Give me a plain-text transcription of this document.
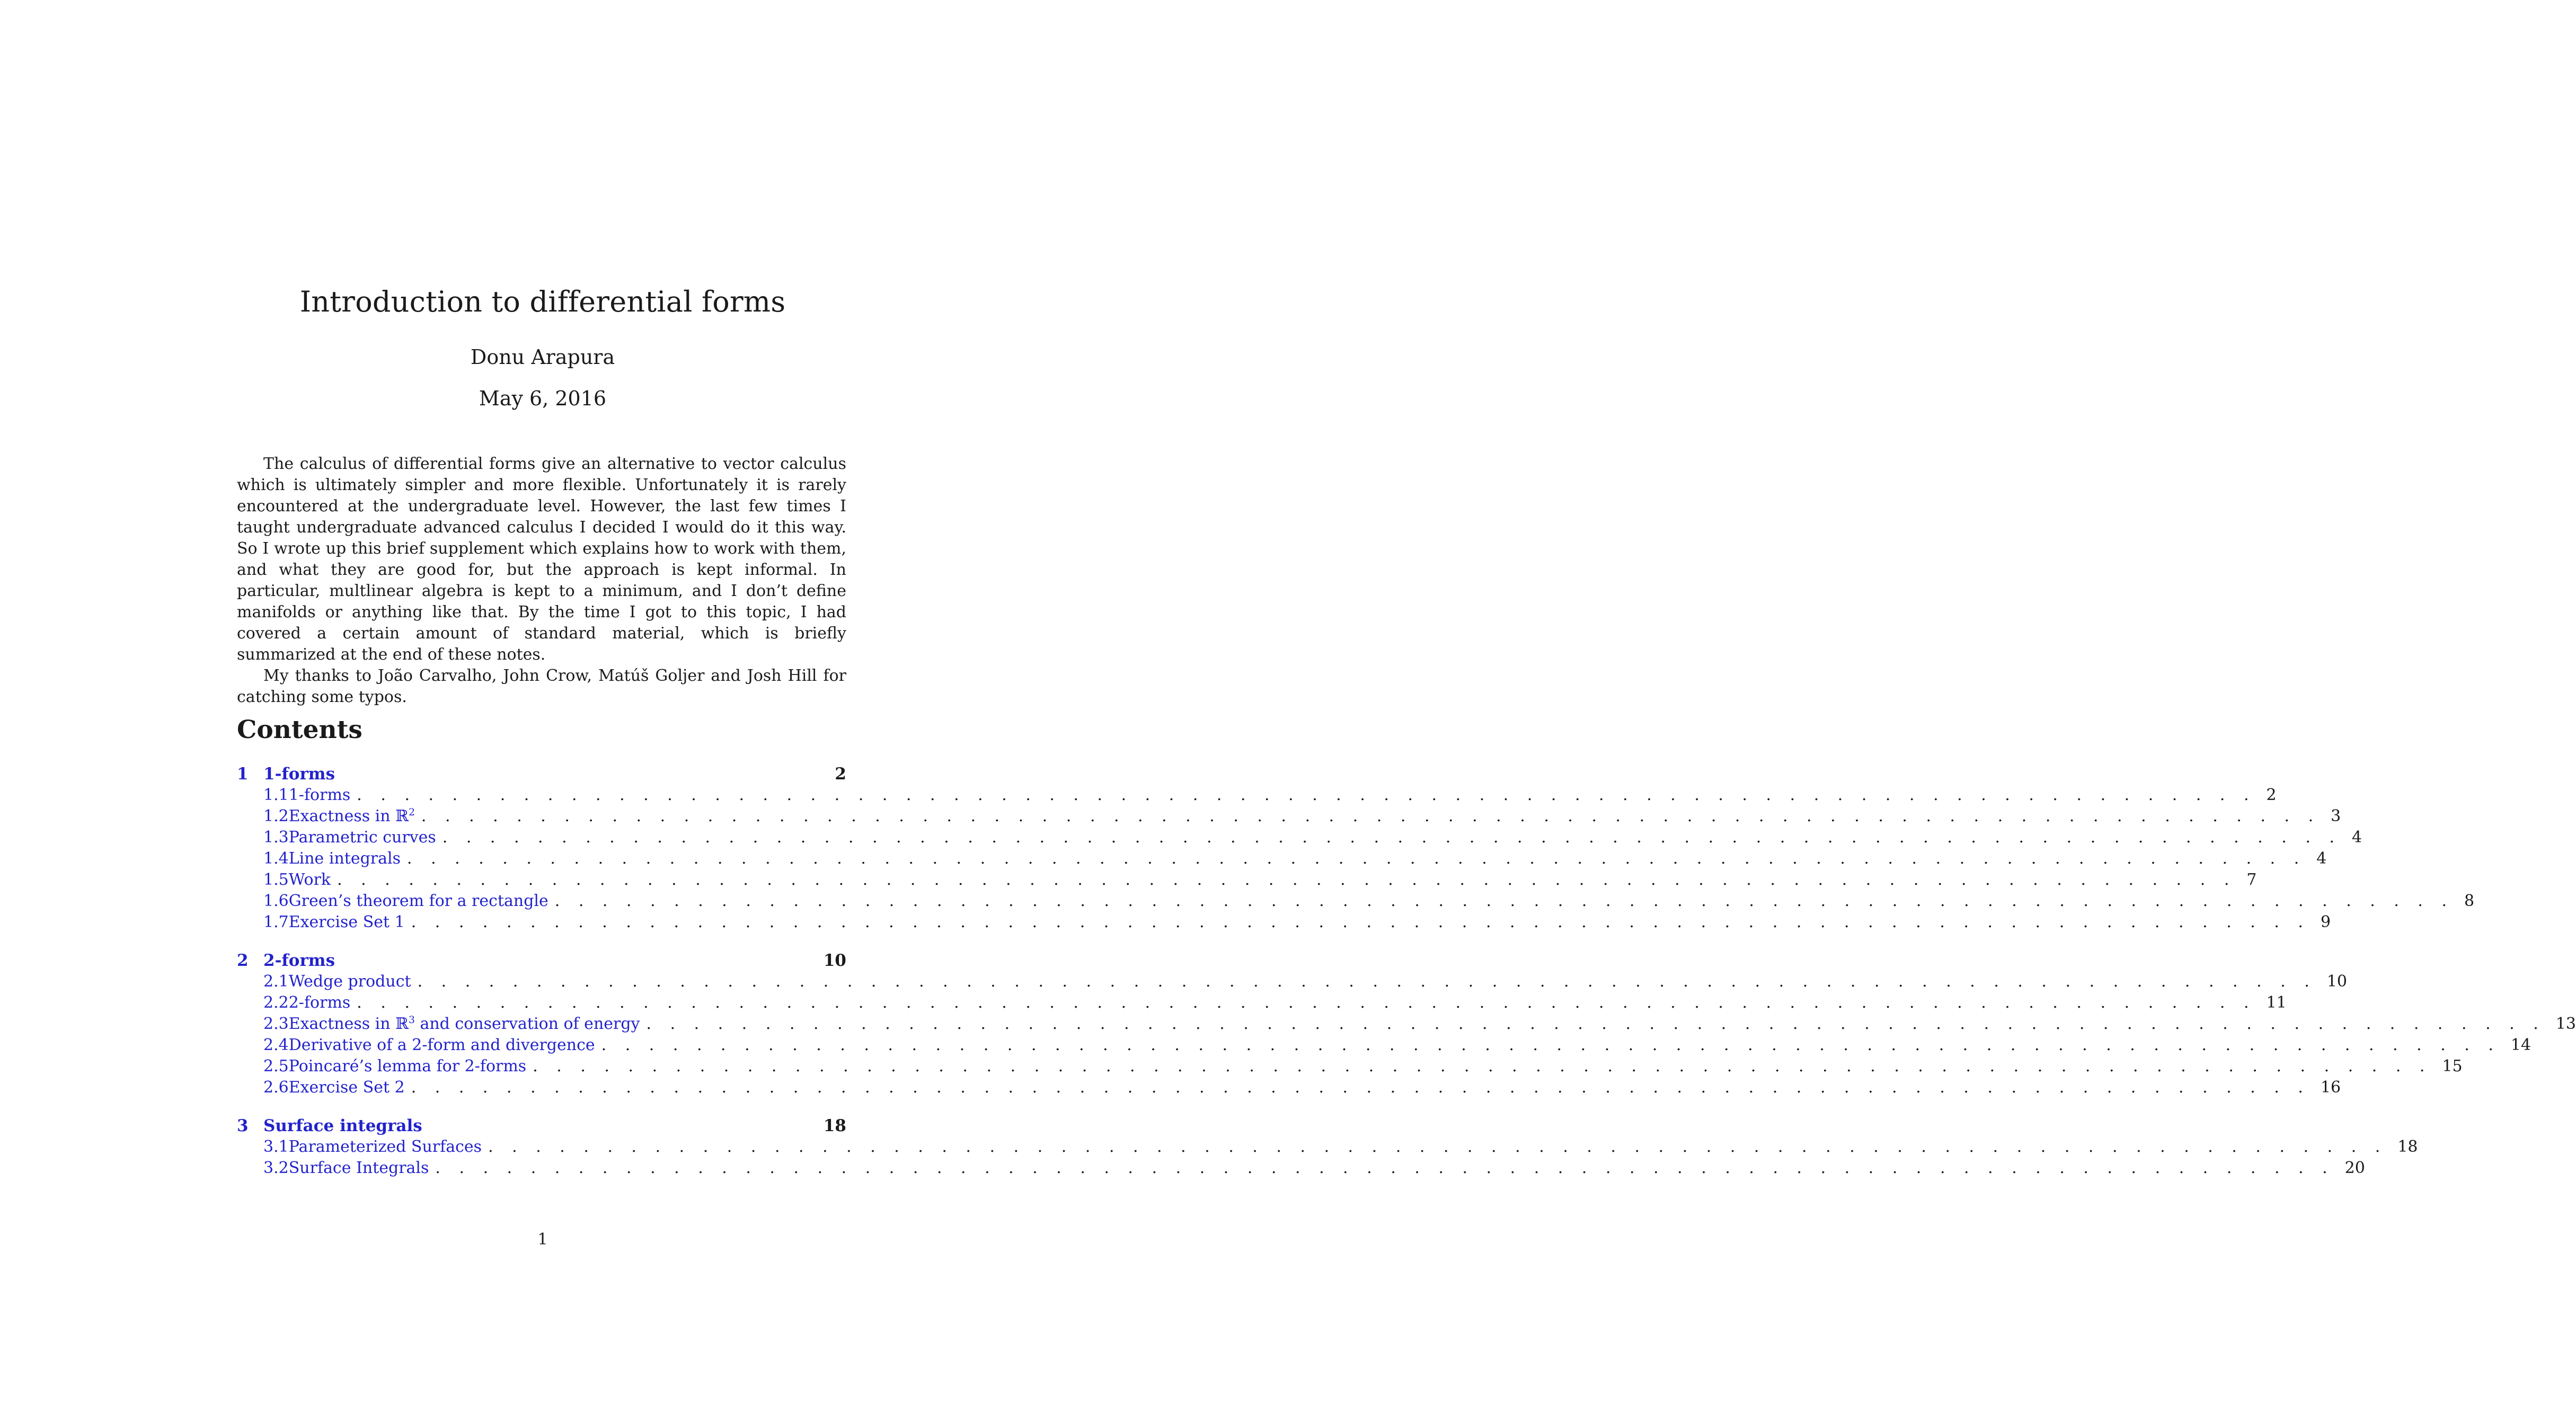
Introduction to differential forms
Donu Arapura
May 6, 2016

The calculus of differential forms give an alternative to vector calculus which is ultimately simpler and more flexible. Unfortunately it is rarely encountered at the undergraduate level. However, the last few times I taught undergraduate advanced calculus I decided I would do it this way. So I wrote up this brief supplement which explains how to work with them, and what they are good for, but the approach is kept informal. In particular, multlinear algebra is kept to a minimum, and I don’t define manifolds or anything like that. By the time I got to this topic, I had covered a certain amount of standard material, which is briefly summarized at the end of these notes.

My thanks to João Carvalho, John Crow, Matúš Goljer and Josh Hill for catching some typos.

Contents
1 1-forms	2
1.1 1-forms . . . . . . . . . . . . . . . . . . . . . . . . . . . . . . . . . . . . . . . . . . . . . . . . . . . . . . . . . . . . . . . . . . . . . . . . . . . . . . . . 2
1.2 Exactness in ℝ$^2$ . . . . . . . . . . . . . . . . . . . . . . . . . . . . . . . . . . . . . . . . . . . . . . . . . . . . . . . . . . . . . . . . . . . . . . . . . . . . . . . . 3
1.3 Parametric curves . . . . . . . . . . . . . . . . . . . . . . . . . . . . . . . . . . . . . . . . . . . . . . . . . . . . . . . . . . . . . . . . . . . . . . . . . . . . . . . . 4
1.4 Line integrals . . . . . . . . . . . . . . . . . . . . . . . . . . . . . . . . . . . . . . . . . . . . . . . . . . . . . . . . . . . . . . . . . . . . . . . . . . . . . . . . 4
1.5 Work . . . . . . . . . . . . . . . . . . . . . . . . . . . . . . . . . . . . . . . . . . . . . . . . . . . . . . . . . . . . . . . . . . . . . . . . . . . . . . . . 7
1.6 Green’s theorem for a rectangle . . . . . . . . . . . . . . . . . . . . . . . . . . . . . . . . . . . . . . . . . . . . . . . . . . . . . . . . . . . . . . . . . . . . . . . . . . . . . . . . 8
1.7 Exercise Set 1 . . . . . . . . . . . . . . . . . . . . . . . . . . . . . . . . . . . . . . . . . . . . . . . . . . . . . . . . . . . . . . . . . . . . . . . . . . . . . . . . 9
2 2-forms	10
2.1 Wedge product . . . . . . . . . . . . . . . . . . . . . . . . . . . . . . . . . . . . . . . . . . . . . . . . . . . . . . . . . . . . . . . . . . . . . . . . . . . . . . . . 10
2.2 2-forms . . . . . . . . . . . . . . . . . . . . . . . . . . . . . . . . . . . . . . . . . . . . . . . . . . . . . . . . . . . . . . . . . . . . . . . . . . . . . . . . 11
2.3 Exactness in ℝ$^3$ and conservation of energy . . . . . . . . . . . . . . . . . . . . . . . . . . . . . . . . . . . . . . . . . . . . . . . . . . . . . . . . . . . . . . . . . . . . . . . . . . . . . . . . 13
2.4 Derivative of a 2-form and divergence . . . . . . . . . . . . . . . . . . . . . . . . . . . . . . . . . . . . . . . . . . . . . . . . . . . . . . . . . . . . . . . . . . . . . . . . . . . . . . . . 14
2.5 Poincaré’s lemma for 2-forms . . . . . . . . . . . . . . . . . . . . . . . . . . . . . . . . . . . . . . . . . . . . . . . . . . . . . . . . . . . . . . . . . . . . . . . . . . . . . . . . 15
2.6 Exercise Set 2 . . . . . . . . . . . . . . . . . . . . . . . . . . . . . . . . . . . . . . . . . . . . . . . . . . . . . . . . . . . . . . . . . . . . . . . . . . . . . . . . 16
3 Surface integrals	18
3.1 Parameterized Surfaces . . . . . . . . . . . . . . . . . . . . . . . . . . . . . . . . . . . . . . . . . . . . . . . . . . . . . . . . . . . . . . . . . . . . . . . . . . . . . . . . 18
3.2 Surface Integrals . . . . . . . . . . . . . . . . . . . . . . . . . . . . . . . . . . . . . . . . . . . . . . . . . . . . . . . . . . . . . . . . . . . . . . . . . . . . . . . . 20
1
